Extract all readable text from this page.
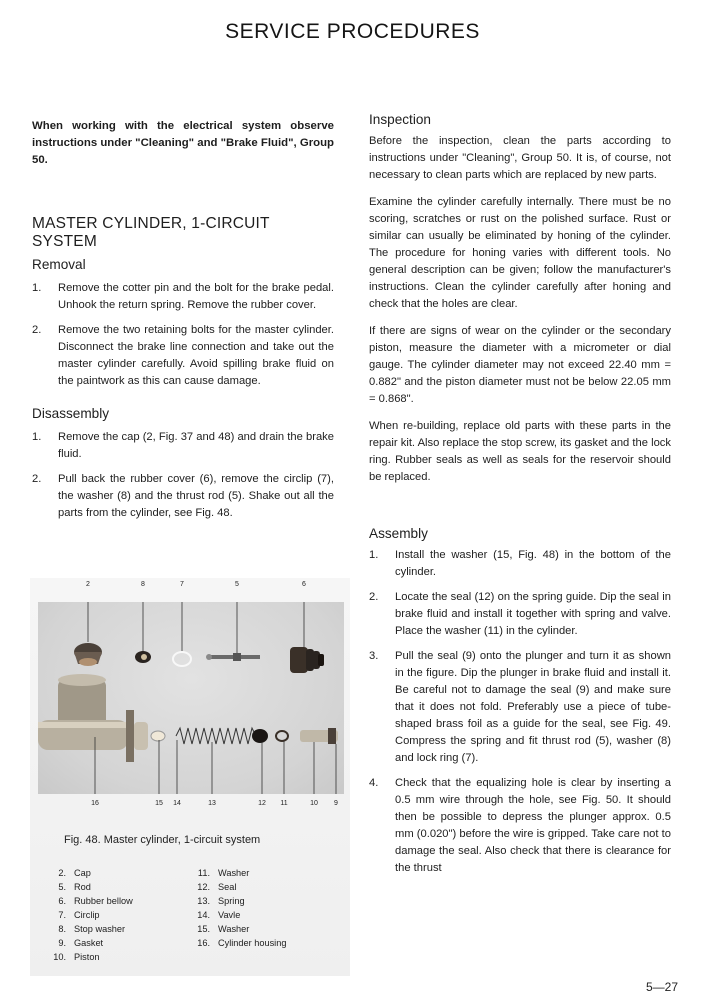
SERVICE PROCEDURES

When working with the electrical system observe instructions under "Cleaning" and "Brake Fluid", Group 50.

MASTER CYLINDER, 1-CIRCUIT SYSTEM
Removal
1.	Remove the cotter pin and the bolt for the brake pedal. Unhook the return spring. Remove the rubber cover.
2.	Remove the two retaining bolts for the master cylinder. Disconnect the brake line connection and take out the master cylinder carefully. Avoid spilling brake fluid on the paintwork as this can cause damage.
Disassembly
1.	Remove the cap (2, Fig. 37 and 48) and drain the brake fluid.
2.	Pull back the rubber cover (6), remove the circlip (7), the washer (8) and the thrust rod (5). Shake out all the parts from the cylinder, see Fig. 48.
2	8	7	5	6
16	15	14	13	12	11	10	9
Fig. 48. Master cylinder, 1-circuit system
2. Cap
5. Rod
6. Rubber bellow
7. Circlip
8. Stop washer
9. Gasket
10. Piston
11. Washer
12. Seal
13. Spring
14. Vavle
15. Washer
16. Cylinder housing
Inspection

Before the inspection, clean the parts according to instructions under "Cleaning", Group 50. It is, of course, not necessary to clean parts which are replaced by new parts.

Examine the cylinder carefully internally. There must be no scoring, scratches or rust on the polished surface. Rust or similar can usually be eliminated by honing of the cylinder. The procedure for honing varies with different tools. No general description can be given; follow the manufacturer's instructions. Clean the cylinder carefully after honing and check that the holes are clear.

If there are signs of wear on the cylinder or the secondary piston, measure the diameter with a micrometer or dial gauge. The cylinder diameter may not exceed 22.40 mm = 0.882" and the piston diameter must not be below 22.05 mm = 0.868".

When re-building, replace old parts with these parts in the repair kit. Also replace the stop screw, its gasket and the lock ring. Rubber seals as well as seals for the reservoir should be replaced.

Assembly
1.	Install the washer (15, Fig. 48) in the bottom of the cylinder.
2.	Locate the seal (12) on the spring guide. Dip the seal in brake fluid and install it together with spring and valve. Place the washer (11) in the cylinder.
3.	Pull the seal (9) onto the plunger and turn it as shown in the figure. Dip the plunger in brake fluid and install it. Be careful not to damage the seal (9) and make sure that it does not fold. Preferably use a piece of tube-shaped brass foil as a guide for the seal, see Fig. 49. Compress the spring and fit thrust rod (5), washer (8) and lock ring (7).
4.	Check that the equalizing hole is clear by inserting a 0.5 mm wire through the hole, see Fig. 50. It should then be possible to depress the plunger approx. 0.5 mm (0.020") before the wire is gripped. Take care not to damage the seal. Also check that there is clearance for the thrust
5—27
